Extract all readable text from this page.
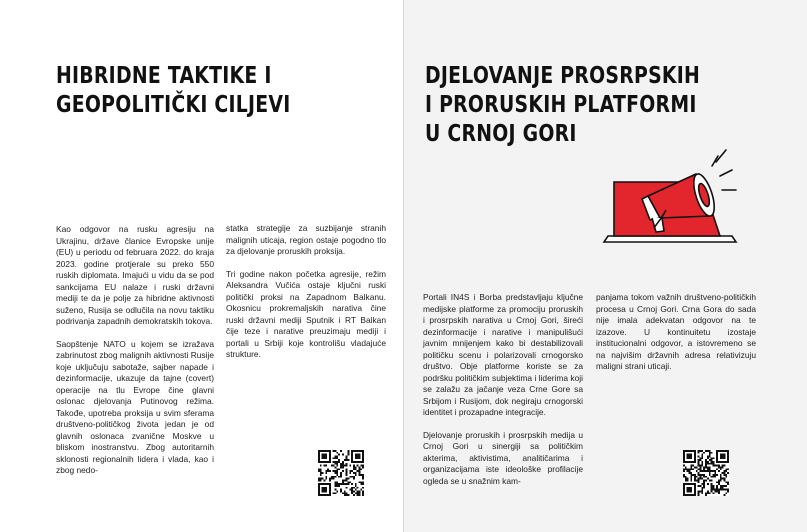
HIBRIDNE TAKTIKE I
GEOPOLITIČKI CILJEVI

Kao odgovor na rusku agresiju na Ukrajinu, države članice Evropske unije (EU) u periodu od februara 2022. do kraja 2023. godine protjerale su preko 550 ruskih diplomata. Imajući u vidu da se pod sankcijama EU nalaze i ruski državni mediji te da je polje za hibridne aktivnosti suženo, Rusija se odlučila na novu taktiku podrivanja zapadnih demokratskih tokova.

Saopštenje NATO u kojem se izražava zabrinutost zbog malignih aktivnosti Rusije koje uključuju sabotaže, sajber napade i dezinformacije, ukazuje da tajne (covert) operacije na tlu Evrope čine glavni oslonac djelovanja Putinovog režima. Takođe, upotreba proksija u svim sferama društveno-političkog života jedan je od glavnih oslonaca zvanične Moskve u bliskom inostranstvu. Zbog autoritarnih sklonosti regionalnih lidera i vlada, kao i zbog nedo-

statka strategije za suzbijanje stranih malignih uticaja, region ostaje pogodno tlo za djelovanje proruskih proksija.

Tri godine nakon početka agresije, režim Aleksandra Vučića ostaje ključni ruski politički proksi na Zapadnom Balkanu. Okosnicu prokremaljskih narativa čine ruski državni mediji Sputnik i RT Balkan čije teze i narative preuzimaju mediji i portali u Srbiji koje kontrolišu vladajuće strukture.

DJELOVANJE PROSRPSKIH
I PRORUSKIH PLATFORMI
U CRNOJ GORI

Portali IN4S i Borba predstavljaju ključne medijske platforme za promociju proruskih i prosrpskih narativa u Crnoj Gori, šireći dezinformacije i narative i manipulišući javnim mnijenjem kako bi destabilizovali političku scenu i polarizovali crnogorsko društvo. Obje platforme koriste se za podršku političkim subjektima i liderima koji se zalažu za jačanje veza Crne Gore sa Srbijom i Rusijom, dok negiraju crnogorski identitet i prozapadne integracije.

Djelovanje proruskih i prosrpskih medija u Crnoj Gori u sinergiji sa političkim akterima, aktivistima, analitičarima i organizacijama iste ideološke profilacije ogleda se u snažnim kam-

panjama tokom važnih društveno-političkih procesa u Crnoj Gori. Crna Gora do sada nije imala adekvatan odgovor na te izazove. U kontinuitetu izostaje institucionalni odgovor, a istovremeno se na najvišim državnih adresa relativizuju maligni strani uticaji.
